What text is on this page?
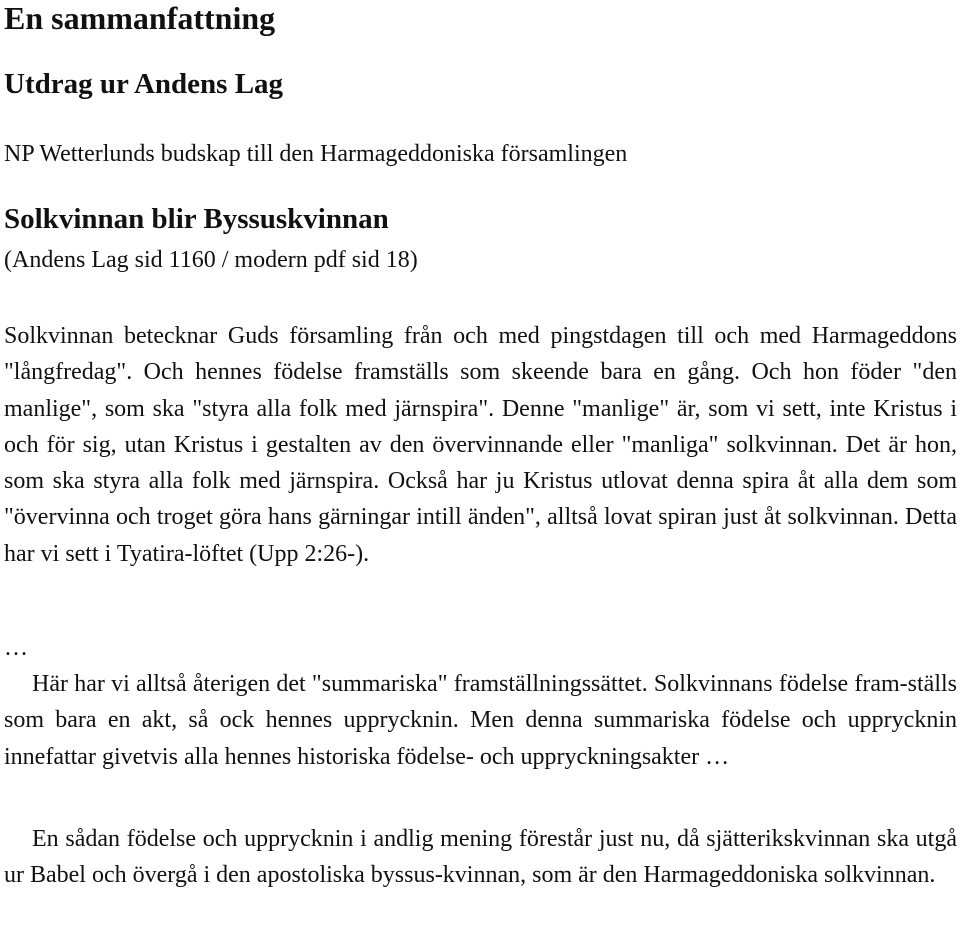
En sammanfattning
Utdrag ur Andens Lag

NP Wetterlunds budskap till den Harmageddoniska församlingen

Solkvinnan blir Byssuskvinnan

(Andens Lag sid 1160 / modern pdf sid 18)

Solkvinnan betecknar Guds församling från och med pingstdagen till och med Harmageddons "långfredag". Och hennes födelse framställs som skeende bara en gång. Och hon föder "den manlige", som ska "styra alla folk med järnspira". Denne "manlige" är, som vi sett, inte Kristus i och för sig, utan Kristus i gestalten av den övervinnande eller "manliga" solkvinnan. Det är hon, som ska styra alla folk med järnspira. Också har ju Kristus utlovat denna spira åt alla dem som "övervinna och troget göra hans gärningar intill änden", alltså lovat spiran just åt solkvinnan. Detta har vi sett i Tyatira-löftet (Upp 2:26-).

…

Här har vi alltså återigen det "summariska" framställningssättet. Solkvinnans födelse fram-ställs som bara en akt, så ock hennes upprycknin. Men denna summariska födelse och upprycknin innefattar givetvis alla hennes historiska födelse- och uppryckningsakter …

En sådan födelse och upprycknin i andlig mening förestår just nu, då sjätterikskvinnan ska utgå ur Babel och övergå i den apostoliska byssus-kvinnan, som är den Harmageddoniska solkvinnan.
